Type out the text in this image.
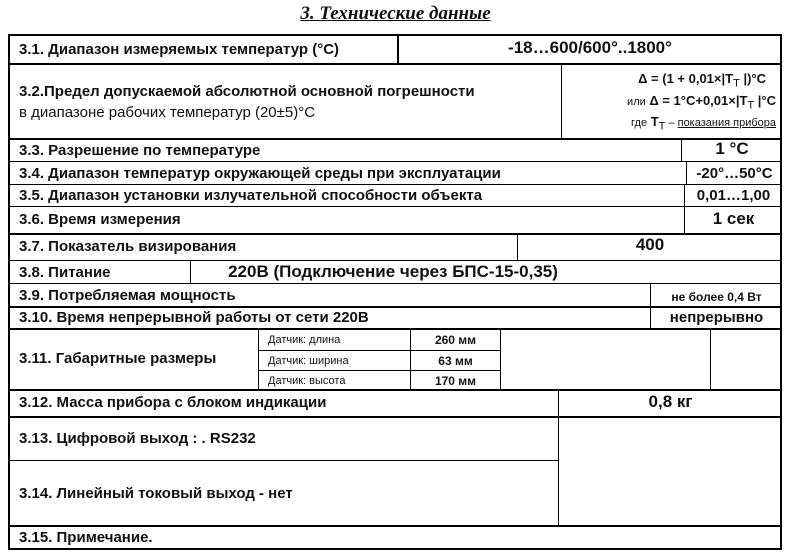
3. Технические данные
3.1. Диапазон измеряемых температур (°С)	-18…600/600°..1800°
3.2.Предел допускаемой абсолютной основной погрешности
в диапазоне рабочих температур (20±5)°С
$\Delta = (1 + 0,01\times|Т_Т$ |)°С
или $\Delta = 1^\circ С+0,01\times|Т_Т$ |°С
где $Т_Т$ – показания прибора
3.3. Разрешение по температуре	1 °С
3.4. Диапазон температур окружающей среды при эксплуатации	-20°…50°С
3.5. Диапазон установки излучательной способности объекта	0,01…1,00
3.6. Время измерения	1 сек
3.7. Показатель визирования	400
3.8. Питание	220В (Подключение через БПС-15-0,35)
3.9. Потребляемая мощность	не более 0,4 Вт
3.10. Время непрерывной работы от сети 220В	непрерывно
3.11. Габаритные размеры
Датчик: длина	260 мм
Датчик: ширина	63 мм
Датчик: высота	170 мм
3.12. Масса прибора с блоком индикации	0,8 кг
3.13. Цифровой выход : . RS232
3.14. Линейный токовый выход - нет
3.15. Примечание.
